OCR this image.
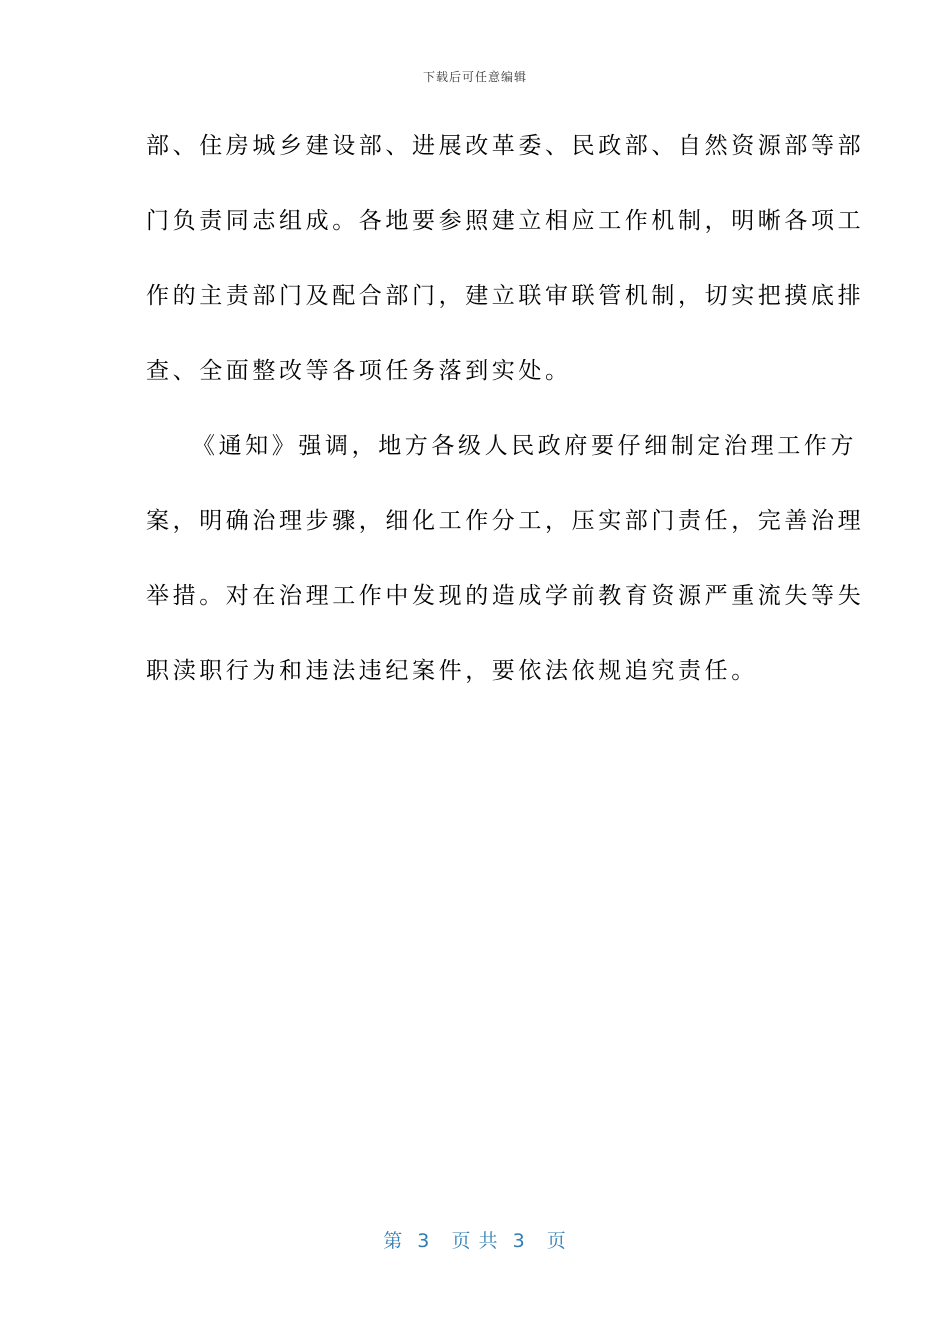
下载后可任意编辑
部、住房城乡建设部、进展改革委、民政部、自然资源部等部
门负责同志组成。各地要参照建立相应工作机制，明晰各项工
作的主责部门及配合部门，建立联审联管机制，切实把摸底排
查、全面整改等各项任务落到实处。
《通知》强调，地方各级人民政府要仔细制定治理工作方
案，明确治理步骤，细化工作分工，压实部门责任，完善治理
举措。对在治理工作中发现的造成学前教育资源严重流失等失
职渎职行为和违法违纪案件，要依法依规追究责任。
第  3   页 共  3   页
